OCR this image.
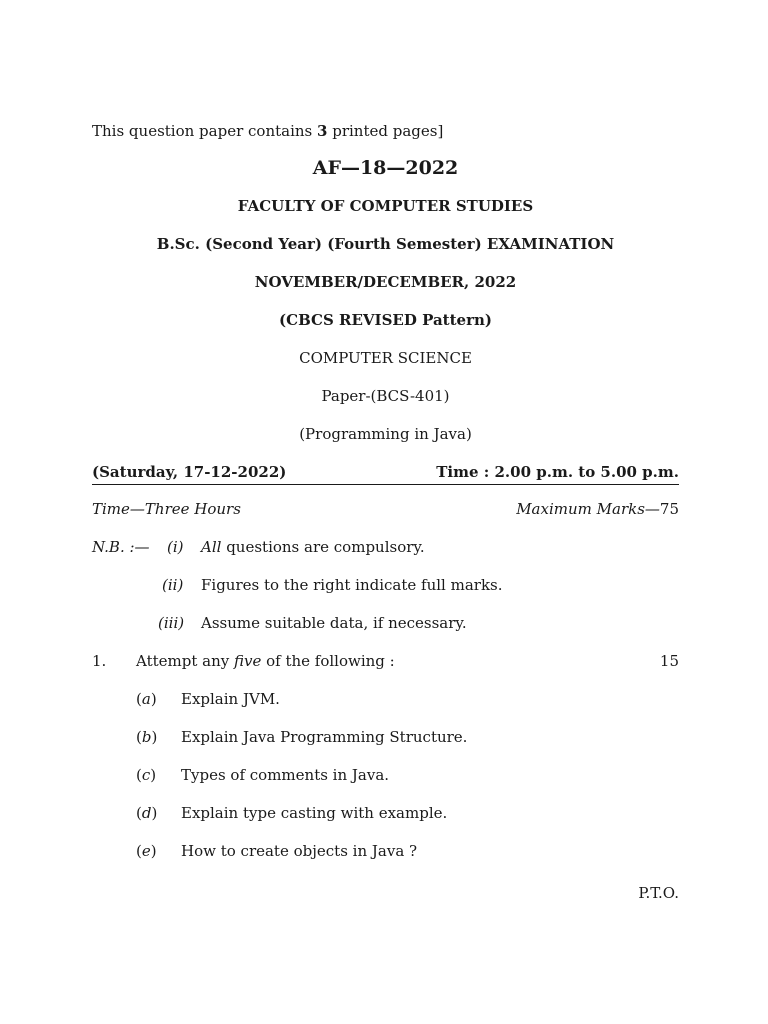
This question paper contains 3 printed pages]
AF—18—2022
FACULTY OF COMPUTER STUDIES
B.Sc. (Second Year) (Fourth Semester) EXAMINATION
NOVEMBER/DECEMBER, 2022
(CBCS REVISED Pattern)
COMPUTER SCIENCE
Paper-(BCS-401)
(Programming in Java)
(Saturday, 17-12-2022)	Time : 2.00 p.m. to 5.00 p.m.
Time—Three Hours	Maximum Marks—75
N.B. :— (i) All questions are compulsory.
(ii) Figures to the right indicate full marks.
(iii) Assume suitable data, if necessary.
1. Attempt any five of the following :	15
(a) Explain JVM.
(b) Explain Java Programming Structure.
(c) Types of comments in Java.
(d) Explain type casting with example.
(e) How to create objects in Java ?
P.T.O.
